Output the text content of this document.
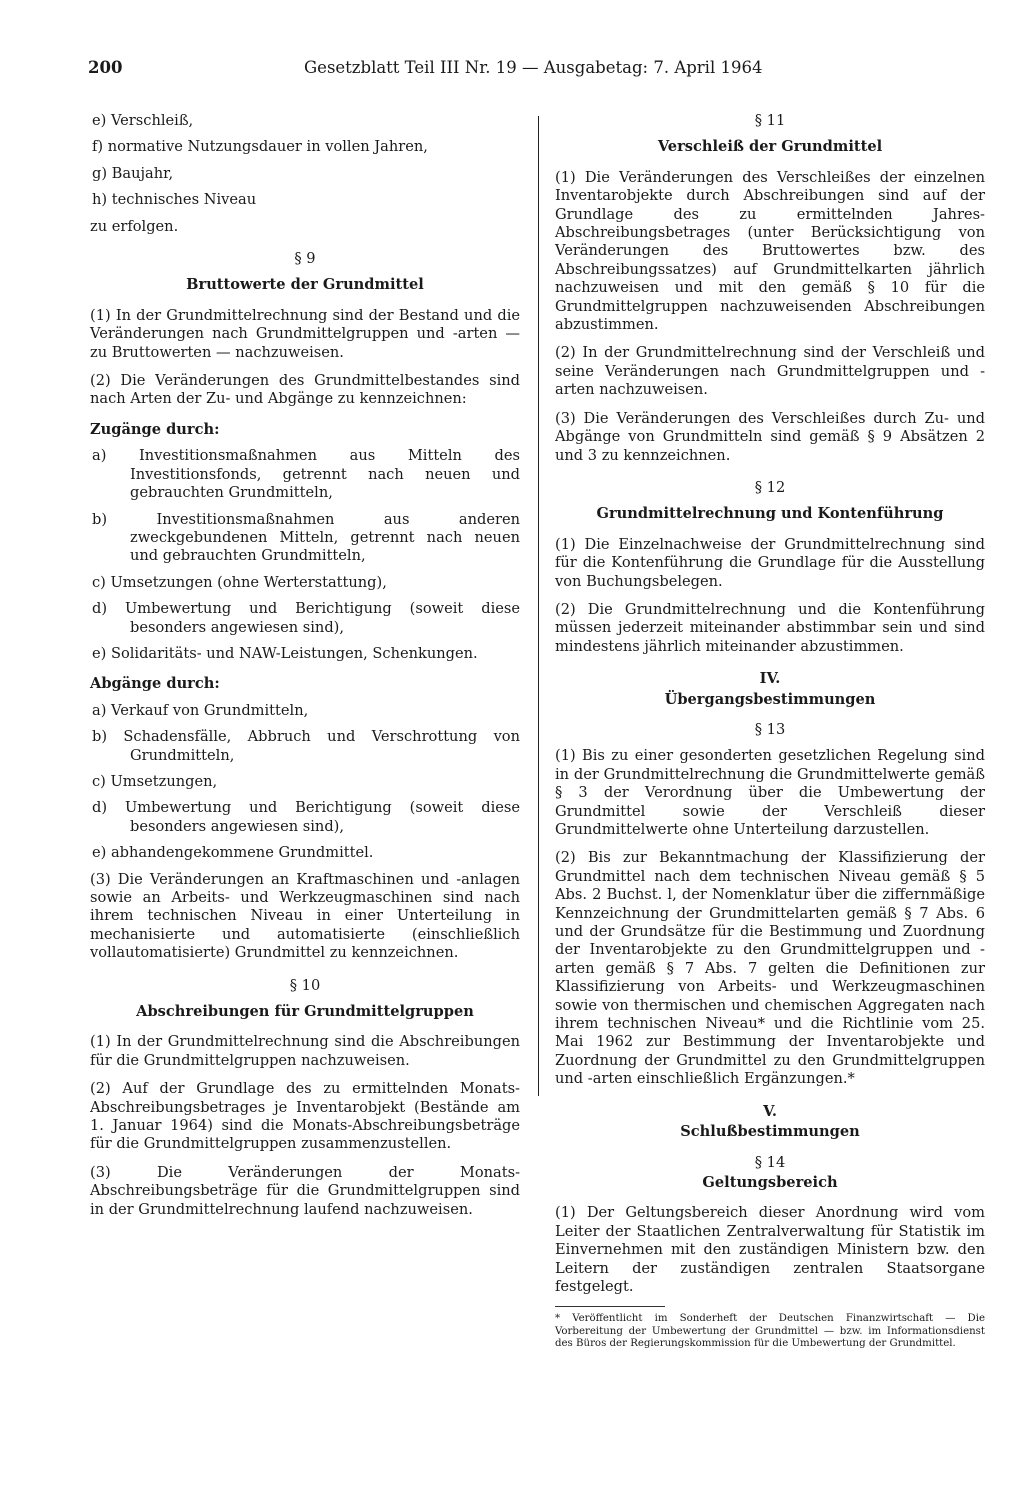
200	Gesetzblatt Teil III Nr. 19 — Ausgabetag: 7. April 1964

e) Verschleiß,

f) normative Nutzungsdauer in vollen Jahren,

g) Baujahr,

h) technisches Niveau

zu erfolgen.

§ 9
Bruttowerte der Grundmittel

(1) In der Grundmittelrechnung sind der Bestand und die Veränderungen nach Grundmittelgruppen und -arten — zu Bruttowerten — nachzuweisen.

(2) Die Veränderungen des Grundmittelbestandes sind nach Arten der Zu- und Abgänge zu kennzeichnen:

Zugänge durch:

a) Investitionsmaßnahmen aus Mitteln des Investitionsfonds, getrennt nach neuen und gebrauchten Grundmitteln,

b) Investitionsmaßnahmen aus anderen zweckgebundenen Mitteln, getrennt nach neuen und gebrauchten Grundmitteln,

c) Umsetzungen (ohne Werterstattung),

d) Umbewertung und Berichtigung (soweit diese besonders angewiesen sind),

e) Solidaritäts- und NAW-Leistungen, Schenkungen.

Abgänge durch:

a) Verkauf von Grundmitteln,

b) Schadensfälle, Abbruch und Verschrottung von Grundmitteln,

c) Umsetzungen,

d) Umbewertung und Berichtigung (soweit diese besonders angewiesen sind),

e) abhandengekommene Grundmittel.

(3) Die Veränderungen an Kraftmaschinen und -anlagen sowie an Arbeits- und Werkzeugmaschinen sind nach ihrem technischen Niveau in einer Unterteilung in mechanisierte und automatisierte (einschließlich vollautomatisierte) Grundmittel zu kennzeichnen.

§ 10
Abschreibungen für Grundmittelgruppen

(1) In der Grundmittelrechnung sind die Abschreibungen für die Grundmittelgruppen nachzuweisen.

(2) Auf der Grundlage des zu ermittelnden Monats-Abschreibungsbetrages je Inventarobjekt (Bestände am 1. Januar 1964) sind die Monats-Abschreibungsbeträge für die Grundmittelgruppen zusammenzustellen.

(3) Die Veränderungen der Monats-Abschreibungsbeträge für die Grundmittelgruppen sind in der Grundmittelrechnung laufend nachzuweisen.

§ 11
Verschleiß der Grundmittel

(1) Die Veränderungen des Verschleißes der einzelnen Inventarobjekte durch Abschreibungen sind auf der Grundlage des zu ermittelnden Jahres-Abschreibungsbetrages (unter Berücksichtigung von Veränderungen des Bruttowertes bzw. des Abschreibungssatzes) auf Grundmittelkarten jährlich nachzuweisen und mit den gemäß § 10 für die Grundmittelgruppen nachzuweisenden Abschreibungen abzustimmen.

(2) In der Grundmittelrechnung sind der Verschleiß und seine Veränderungen nach Grundmittelgruppen und -arten nachzuweisen.

(3) Die Veränderungen des Verschleißes durch Zu- und Abgänge von Grundmitteln sind gemäß § 9 Absätzen 2 und 3 zu kennzeichnen.

§ 12
Grundmittelrechnung und Kontenführung

(1) Die Einzelnachweise der Grundmittelrechnung sind für die Kontenführung die Grundlage für die Ausstellung von Buchungsbelegen.

(2) Die Grundmittelrechnung und die Kontenführung müssen jederzeit miteinander abstimmbar sein und sind mindestens jährlich miteinander abzustimmen.

IV.
Übergangsbestimmungen
§ 13

(1) Bis zu einer gesonderten gesetzlichen Regelung sind in der Grundmittelrechnung die Grundmittelwerte gemäß § 3 der Verordnung über die Umbewertung der Grundmittel sowie der Verschleiß dieser Grundmittelwerte ohne Unterteilung darzustellen.

(2) Bis zur Bekanntmachung der Klassifizierung der Grundmittel nach dem technischen Niveau gemäß § 5 Abs. 2 Buchst. l, der Nomenklatur über die ziffernmäßige Kennzeichnung der Grundmittelarten gemäß § 7 Abs. 6 und der Grundsätze für die Bestimmung und Zuordnung der Inventarobjekte zu den Grundmittelgruppen und -arten gemäß § 7 Abs. 7 gelten die Definitionen zur Klassifizierung von Arbeits- und Werkzeugmaschinen sowie von thermischen und chemischen Aggregaten nach ihrem technischen Niveau* und die Richtlinie vom 25. Mai 1962 zur Bestimmung der Inventarobjekte und Zuordnung der Grundmittel zu den Grundmittelgruppen und -arten einschließlich Ergänzungen.*

V.
Schlußbestimmungen
§ 14
Geltungsbereich

(1) Der Geltungsbereich dieser Anordnung wird vom Leiter der Staatlichen Zentralverwaltung für Statistik im Einvernehmen mit den zuständigen Ministern bzw. den Leitern der zuständigen zentralen Staatsorgane festgelegt.

* Veröffentlicht im Sonderheft der Deutschen Finanzwirtschaft — Die Vorbereitung der Umbewertung der Grundmittel — bzw. im Informationsdienst des Büros der Regierungskommission für die Umbewertung der Grundmittel.
